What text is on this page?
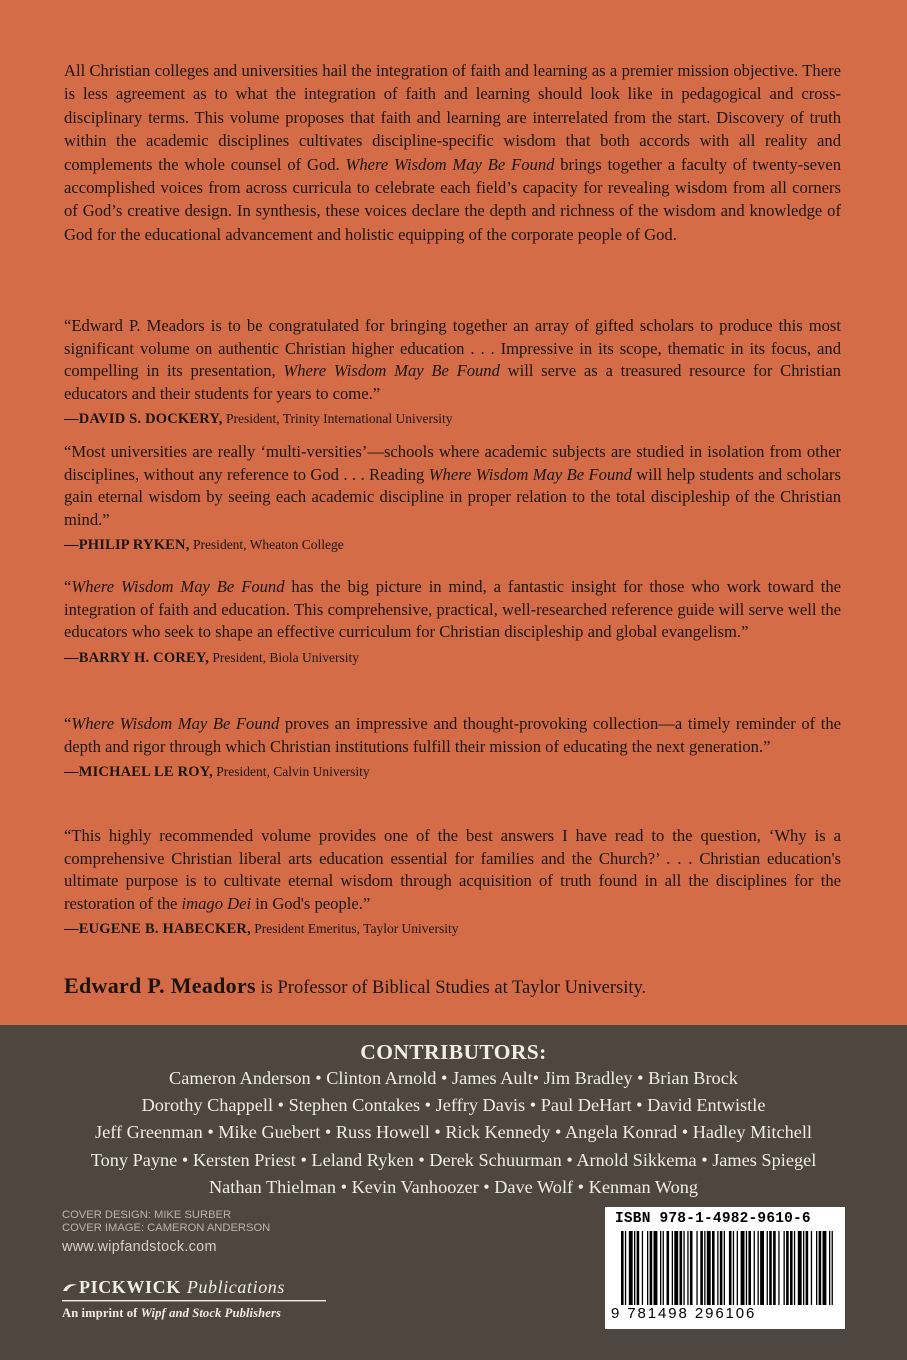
All Christian colleges and universities hail the integration of faith and learning as a premier mission objective. There is less agreement as to what the integration of faith and learning should look like in pedagogical and cross-disciplinary terms. This volume proposes that faith and learning are interrelated from the start. Discovery of truth within the academic disciplines cultivates discipline-specific wisdom that both accords with all reality and complements the whole counsel of God. Where Wisdom May Be Found brings together a faculty of twenty-seven accomplished voices from across curricula to celebrate each field’s capacity for revealing wisdom from all corners of God’s creative design. In synthesis, these voices declare the depth and richness of the wisdom and knowledge of God for the educational advancement and holistic equipping of the corporate people of God.

“Edward P. Meadors is to be congratulated for bringing together an array of gifted scholars to produce this most significant volume on authentic Christian higher education . . . Impressive in its scope, thematic in its focus, and compelling in its presentation, Where Wisdom May Be Found will serve as a treasured resource for Christian educators and their students for years to come.”

—DAVID S. DOCKERY, President, Trinity International University

“Most universities are really ‘multi-versities’—schools where academic subjects are studied in isolation from other disciplines, without any reference to God . . . Reading Where Wisdom May Be Found will help students and scholars gain eternal wisdom by seeing each academic discipline in proper relation to the total discipleship of the Christian mind.”

—PHILIP RYKEN, President, Wheaton College

“Where Wisdom May Be Found has the big picture in mind, a fantastic insight for those who work toward the integration of faith and education. This comprehensive, practical, well-researched reference guide will serve well the educators who seek to shape an effective curriculum for Christian discipleship and global evangelism.”

—BARRY H. COREY, President, Biola University

“Where Wisdom May Be Found proves an impressive and thought-provoking collection—a timely reminder of the depth and rigor through which Christian institutions fulfill their mission of educating the next generation.”

—MICHAEL LE ROY, President, Calvin University

“This highly recommended volume provides one of the best answers I have read to the question, ‘Why is a comprehensive Christian liberal arts education essential for families and the Church?’ . . . Christian education's ultimate purpose is to cultivate eternal wisdom through acquisition of truth found in all the disciplines for the restoration of the imago Dei in God's people.”

—EUGENE B. HABECKER, President Emeritus, Taylor University

Edward P. Meadors is Professor of Biblical Studies at Taylor University.

CONTRIBUTORS:
Cameron Anderson • Clinton Arnold • James Ault• Jim Bradley • Brian Brock
Dorothy Chappell • Stephen Contakes • Jeffry Davis • Paul DeHart • David Entwistle
Jeff Greenman • Mike Guebert • Russ Howell • Rick Kennedy • Angela Konrad • Hadley Mitchell
Tony Payne • Kersten Priest • Leland Ryken • Derek Schuurman • Arnold Sikkema • James Spiegel
Nathan Thielman • Kevin Vanhoozer • Dave Wolf • Kenman Wong
COVER DESIGN: MIKE SURBER
COVER IMAGE: CAMERON ANDERSON
www.wipfandstock.com
PICKWICK Publications
An imprint of Wipf and Stock Publishers
ISBN 978-1-4982-9610-6
9 781498 296106
